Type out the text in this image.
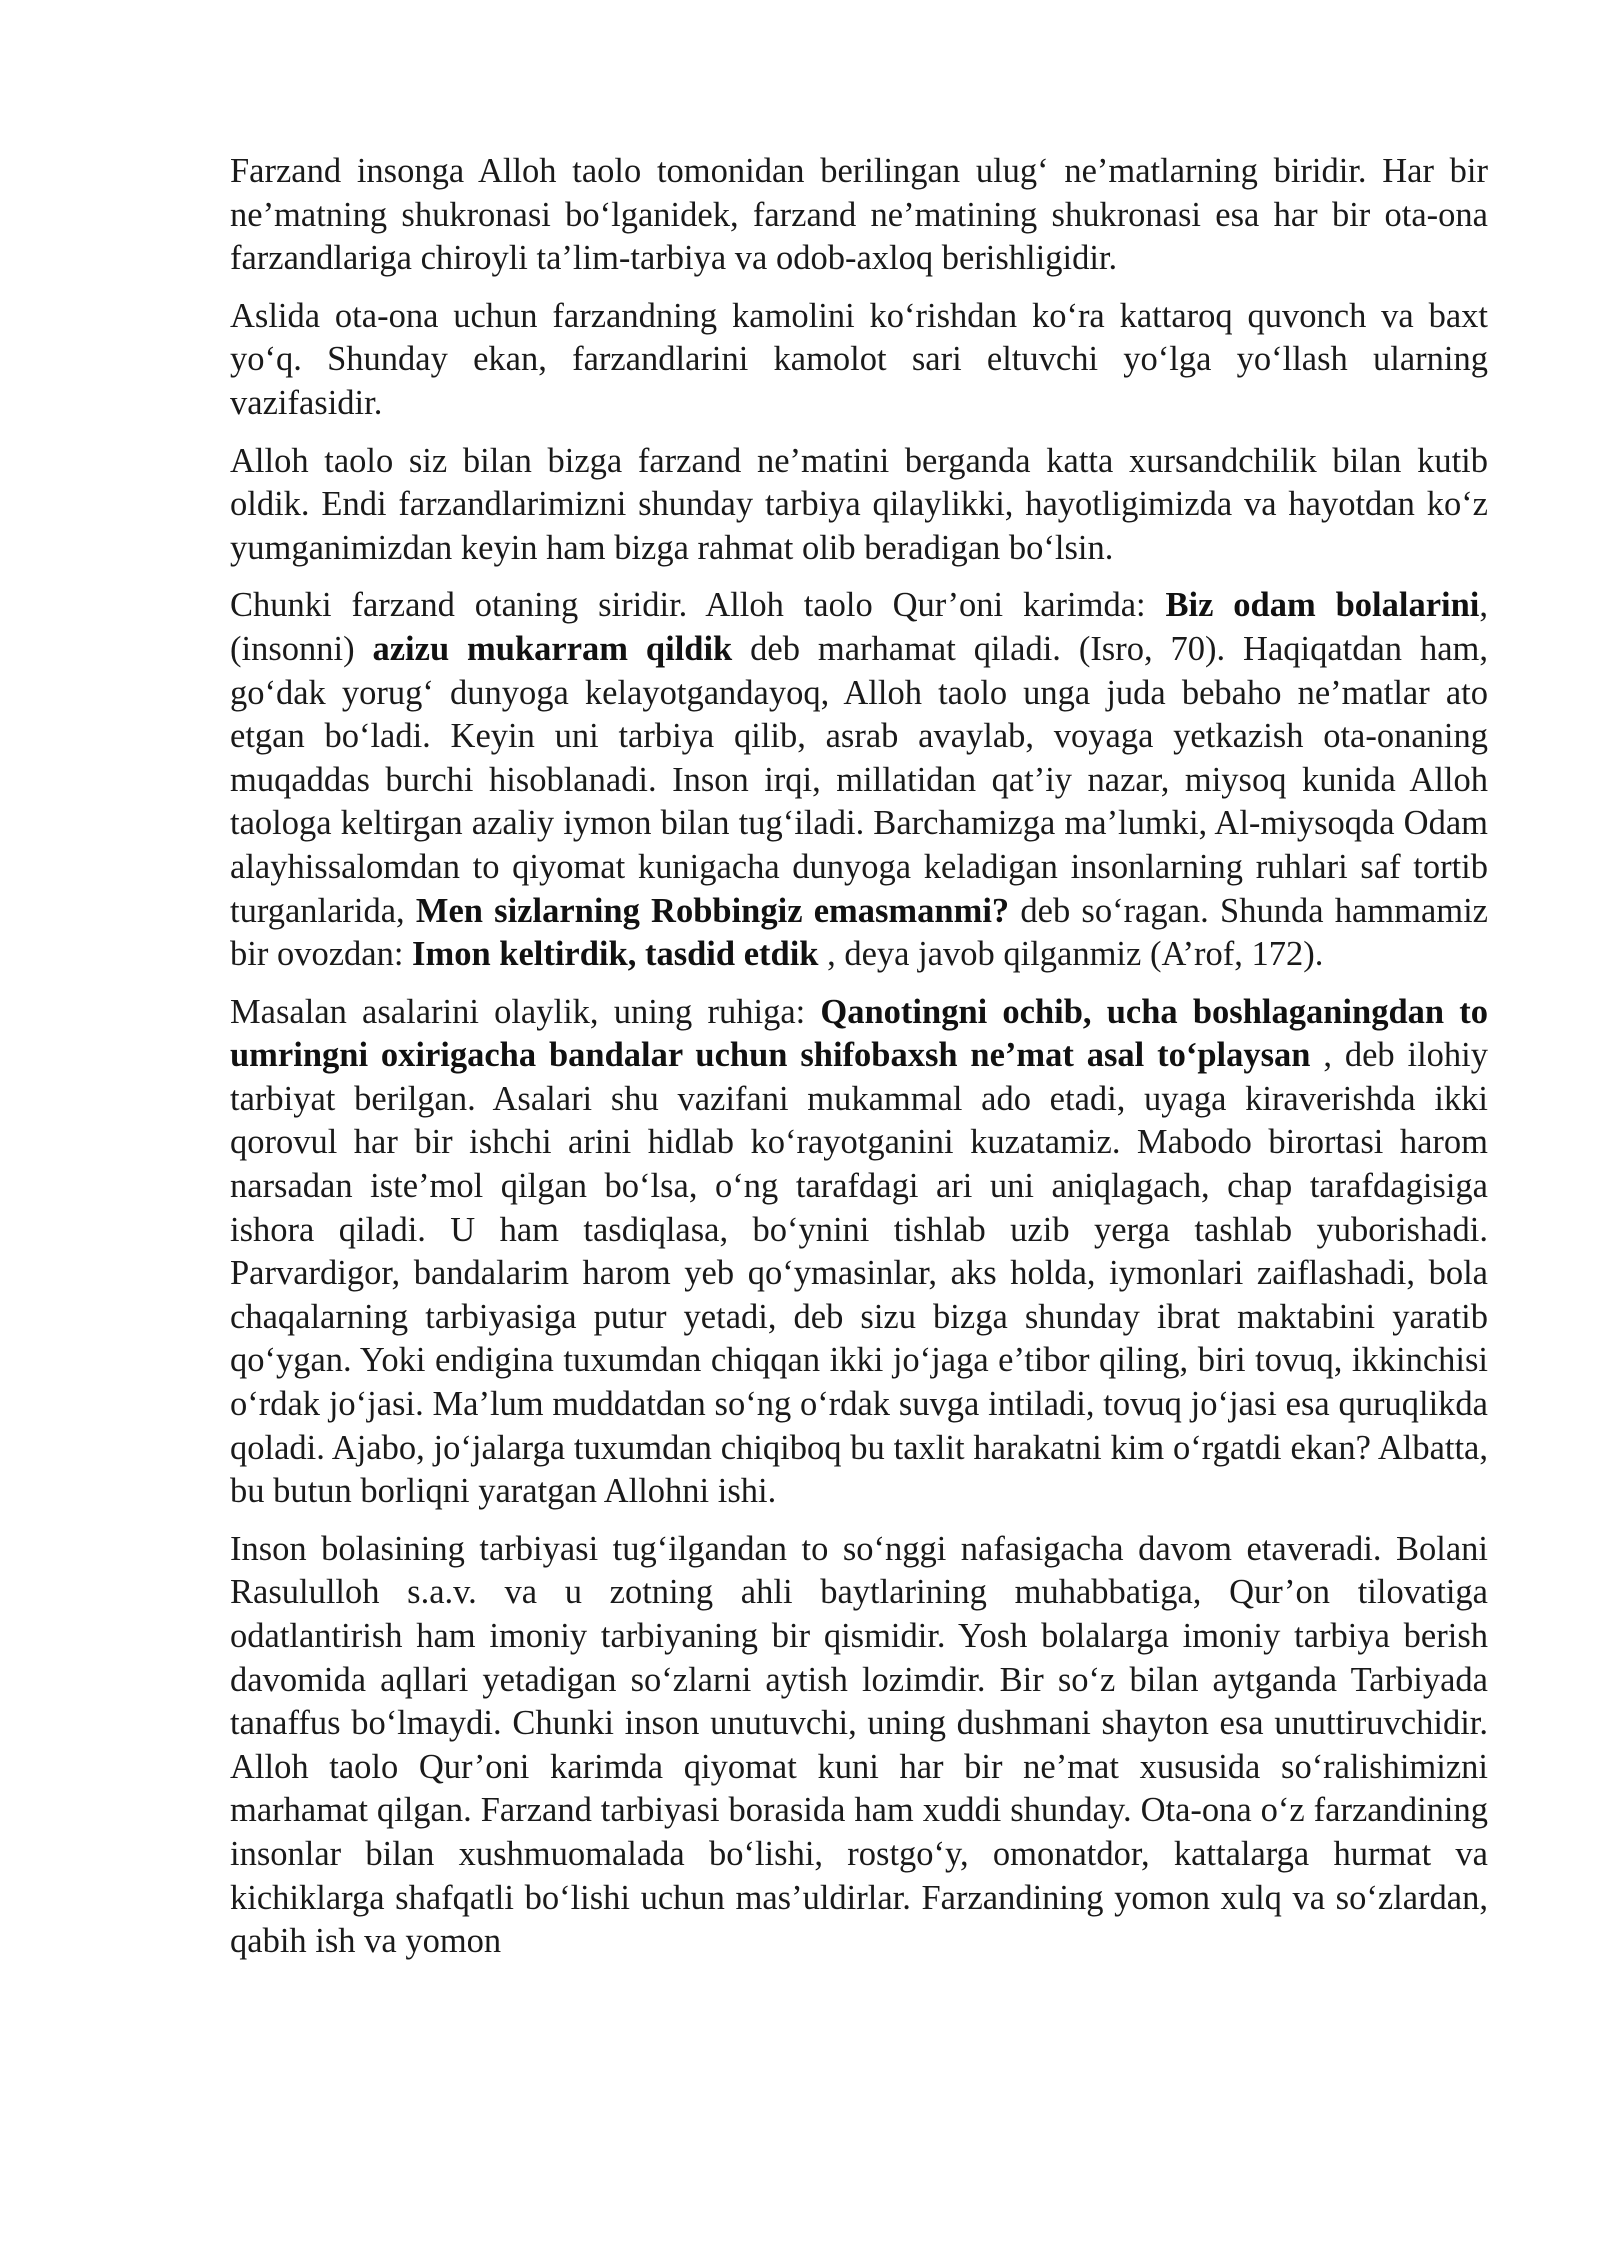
Farzand insonga Alloh taolo tomonidan berilingan ulug‘ ne’matlarning biridir. Har bir ne’matning shukronasi bo‘lganidek, farzand ne’matining shukronasi esa har bir ota-ona farzandlariga chiroyli ta’lim-tarbiya va odob-axloq berishligidir.

Aslida ota-ona uchun farzandning kamolini ko‘rishdan ko‘ra kattaroq quvonch va baxt yo‘q. Shunday ekan, farzandlarini kamolot sari eltuvchi yo‘lga yo‘llash ularning vazifasidir.

Alloh taolo siz bilan bizga farzand ne’matini berganda katta xursandchilik bilan kutib oldik. Endi farzandlarimizni shunday tarbiya qilaylikki, hayotligimizda va hayotdan ko‘z yumganimizdan keyin ham bizga rahmat olib beradigan bo‘lsin.

Chunki farzand otaning siridir. Alloh taolo Qur’oni karimda: Biz odam bolalarini, (insonni) azizu mukarram qildik deb marhamat qiladi. (Isro, 70). Haqiqatdan ham, go‘dak yorug‘ dunyoga kelayotgandayoq, Alloh taolo unga juda bebaho ne’matlar ato etgan bo‘ladi. Keyin uni tarbiya qilib, asrab avaylab, voyaga yetkazish ota-onaning muqaddas burchi hisoblanadi. Inson irqi, millatidan qat’iy nazar, miysoq kunida Alloh taologa keltirgan azaliy iymon bilan tug‘iladi. Barchamizga ma’lumki, Al-miysoqda Odam alayhissalomdan to qiyomat kunigacha dunyoga keladigan insonlarning ruhlari saf tortib turganlarida, Men sizlarning Robbingiz emasmanmi? deb so‘ragan. Shunda hammamiz bir ovozdan: Imon keltirdik, tasdid etdik , deya javob qilganmiz (A’rof, 172).

Masalan asalarini olaylik, uning ruhiga: Qanotingni ochib, ucha boshlaganingdan to umringni oxirigacha bandalar uchun shifobaxsh ne’mat asal to‘playsan , deb ilohiy tarbiyat berilgan. Asalari shu vazifani mukammal ado etadi, uyaga kiraverishda ikki qorovul har bir ishchi arini hidlab ko‘rayotganini kuzatamiz. Mabodo birortasi harom narsadan iste’mol qilgan bo‘lsa, o‘ng tarafdagi ari uni aniqlagach, chap tarafdagisiga ishora qiladi. U ham tasdiqlasa, bo‘ynini tishlab uzib yerga tashlab yuborishadi. Parvardigor, bandalarim harom yeb qo‘ymasinlar, aks holda, iymonlari zaiflashadi, bola chaqalarning tarbiyasiga putur yetadi, deb sizu bizga shunday ibrat maktabini yaratib qo‘ygan. Yoki endigina tuxumdan chiqqan ikki jo‘jaga e’tibor qiling, biri tovuq, ikkinchisi o‘rdak jo‘jasi. Ma’lum muddatdan so‘ng o‘rdak suvga intiladi, tovuq jo‘jasi esa quruqlikda qoladi. Ajabo, jo‘jalarga tuxumdan chiqiboq bu taxlit harakatni kim o‘rgatdi ekan? Albatta, bu butun borliqni yaratgan Allohni ishi.

Inson bolasining tarbiyasi tug‘ilgandan to so‘nggi nafasigacha davom etaveradi. Bolani Rasululloh s.a.v. va u zotning ahli baytlarining muhabbatiga, Qur’on tilovatiga odatlantirish ham imoniy tarbiyaning bir qismidir. Yosh bolalarga imoniy tarbiya berish davomida aqllari yetadigan so‘zlarni aytish lozimdir. Bir so‘z bilan aytganda Tarbiyada tanaffus bo‘lmaydi. Chunki inson unutuvchi, uning dushmani shayton esa unuttiruvchidir. Alloh taolo Qur’oni karimda qiyomat kuni har bir ne’mat xususida so‘ralishimizni marhamat qilgan. Farzand tarbiyasi borasida ham xuddi shunday. Ota-ona o‘z farzandining insonlar bilan xushmuomalada bo‘lishi, rostgo‘y, omonatdor, kattalarga hurmat va kichiklarga shafqatli bo‘lishi uchun mas’uldirlar. Farzandining yomon xulq va so‘zlardan, qabih ish va yomon
